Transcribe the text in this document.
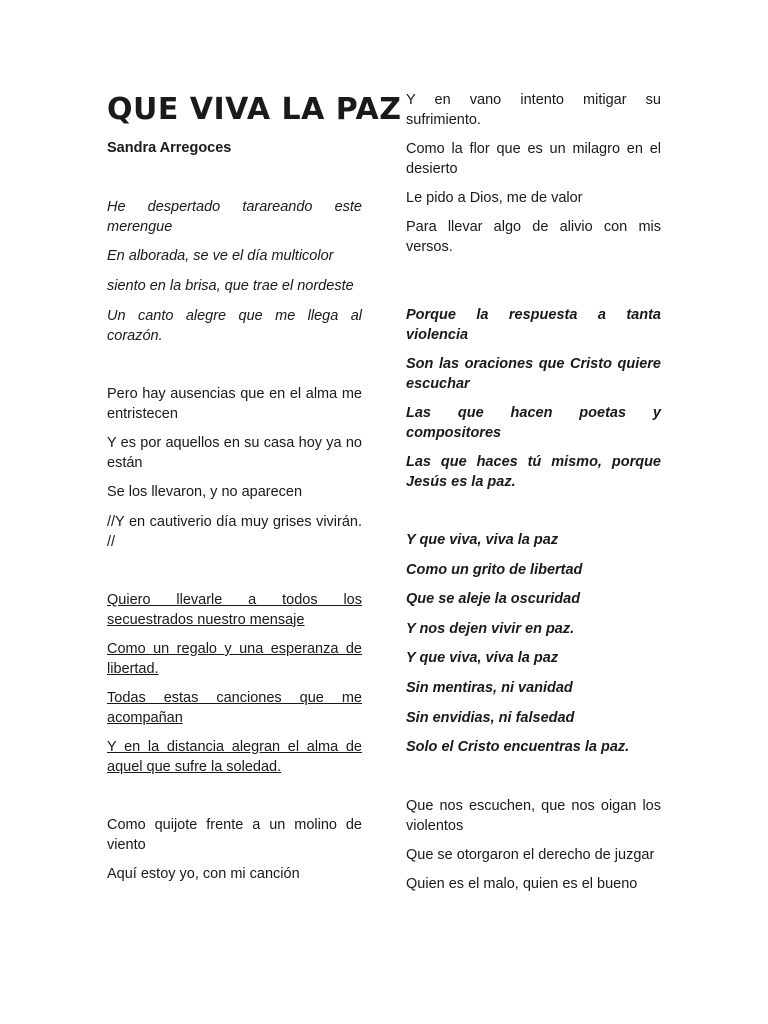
QUE VIVA LA PAZ

Sandra Arregoces

He despertado tarareando este merengue

En alborada, se ve el día multicolor

siento en la brisa, que trae el nordeste

Un canto alegre que me llega al corazón.

Pero hay ausencias que en el alma me entristecen

Y es por aquellos en su casa hoy ya no están

Se los llevaron, y no aparecen

//Y en cautiverio día muy grises vivirán. //

Quiero llevarle a todos los secuestrados nuestro mensaje

Como un regalo y una esperanza de libertad.

Todas estas canciones que me acompañan

Y en la distancia alegran el alma de aquel que sufre la soledad.

Como quijote frente a un molino de viento

Aquí estoy yo, con mi canción

Y en vano intento mitigar su sufrimiento.

Como la flor que es un milagro en el desierto

Le pido a Dios, me de valor

Para llevar algo de alivio con mis versos.

Porque la respuesta a tanta violencia

Son las oraciones que Cristo quiere escuchar

Las que hacen poetas y compositores

Las que haces tú mismo, porque Jesús es la paz.

Y que viva, viva la paz

Como un grito de libertad

Que se aleje la oscuridad

Y nos dejen vivir en paz.

Y que viva, viva la paz

Sin mentiras, ni vanidad

Sin envidias, ni falsedad

Solo el Cristo encuentras la paz.

Que nos escuchen, que nos oigan los violentos

Que se otorgaron el derecho de juzgar

Quien es el malo, quien es el bueno
